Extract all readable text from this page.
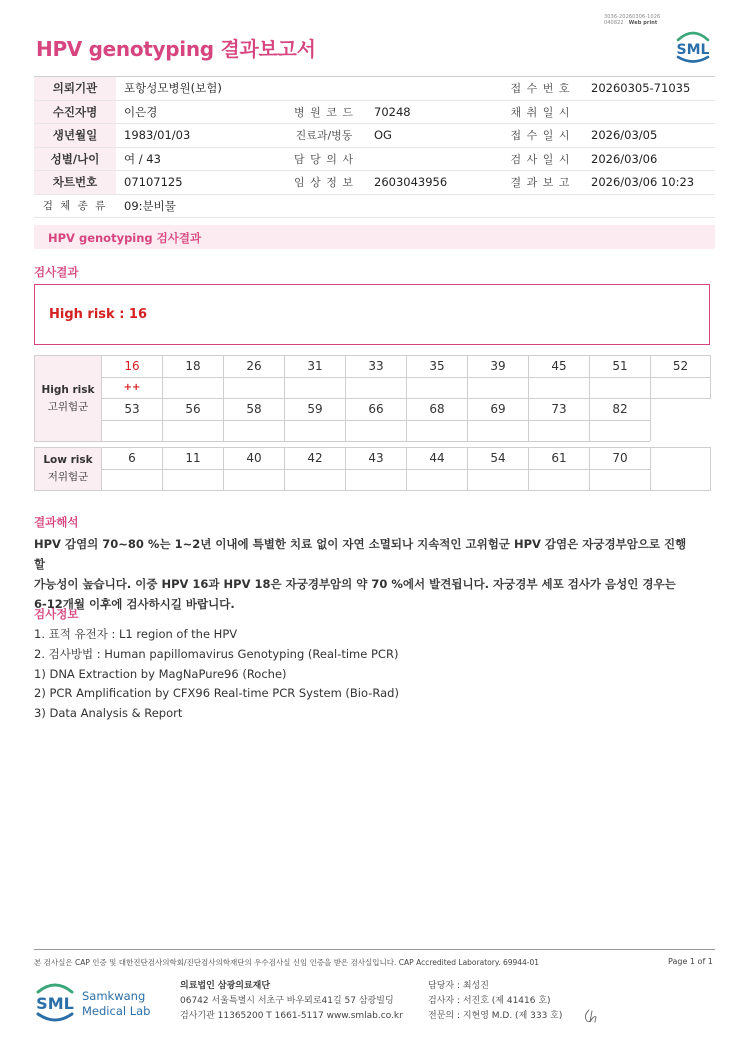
3036-20260306-1026
040822 Web print
HPV genotyping 결과보고서	SML
의뢰기관	포항성모병원(보험)			접 수 번 호	20260305-71035
수진자명	이은경	병 원 코 드	70248	채 취 일 시	
생년월일	1983/01/03	진료과/병동	OG	접 수 일 시	2026/03/05
성별/나이	여 / 43	담 당 의 사		검 사 일 시	2026/03/06
차트번호	07107125	임 상 정 보	2603043956	결 과 보 고	2026/03/06 10:23
검 체 종 류	09:분비물				
HPV genotyping 검사결과
검사결과
High risk : 16
High risk
고위험군	16	18	26	31	33	35	39	45	51	52
	++									
	53	56	58	59	66	68	69	73	82	

Low risk
저위험군	6	11	40	42	43	44	54	61	70	

결과해석
HPV 감염의 70~80 %는 1~2년 이내에 특별한 치료 없이 자연 소멸되나 지속적인 고위험군 HPV 감염은 자궁경부암으로 진행할
가능성이 높습니다. 이중 HPV 16과 HPV 18은 자궁경부암의 약 70 %에서 발견됩니다. 자궁경부 세포 검사가 음성인 경우는
6-12개월 이후에 검사하시길 바랍니다.
검사정보
1. 표적 유전자 : L1 region of the HPV
2. 검사방법 : Human papillomavirus Genotyping (Real-time PCR)
1) DNA Extraction by MagNaPure96 (Roche)
2) PCR Amplification by CFX96 Real-time PCR System (Bio-Rad)
3) Data Analysis & Report
본 검사실은 CAP 인증 및 대한진단검사의학회/진단검사의학재단의 우수검사실 신임 인증을 받은 검사실입니다. CAP Accredited Laboratory. 69944-01	Page 1 of 1
SML Samkwang
Medical Lab
의료법인 삼광의료재단
06742 서울특별시 서초구 바우뫼로41길 57 삼광빌딩
검사기관 11365200 T 1661-5117 www.smlab.co.kr
담당자 : 최성진
검사자 : 서진호 (제 41416 호)
전문의 : 지현영 M.D. (제 333 호)
